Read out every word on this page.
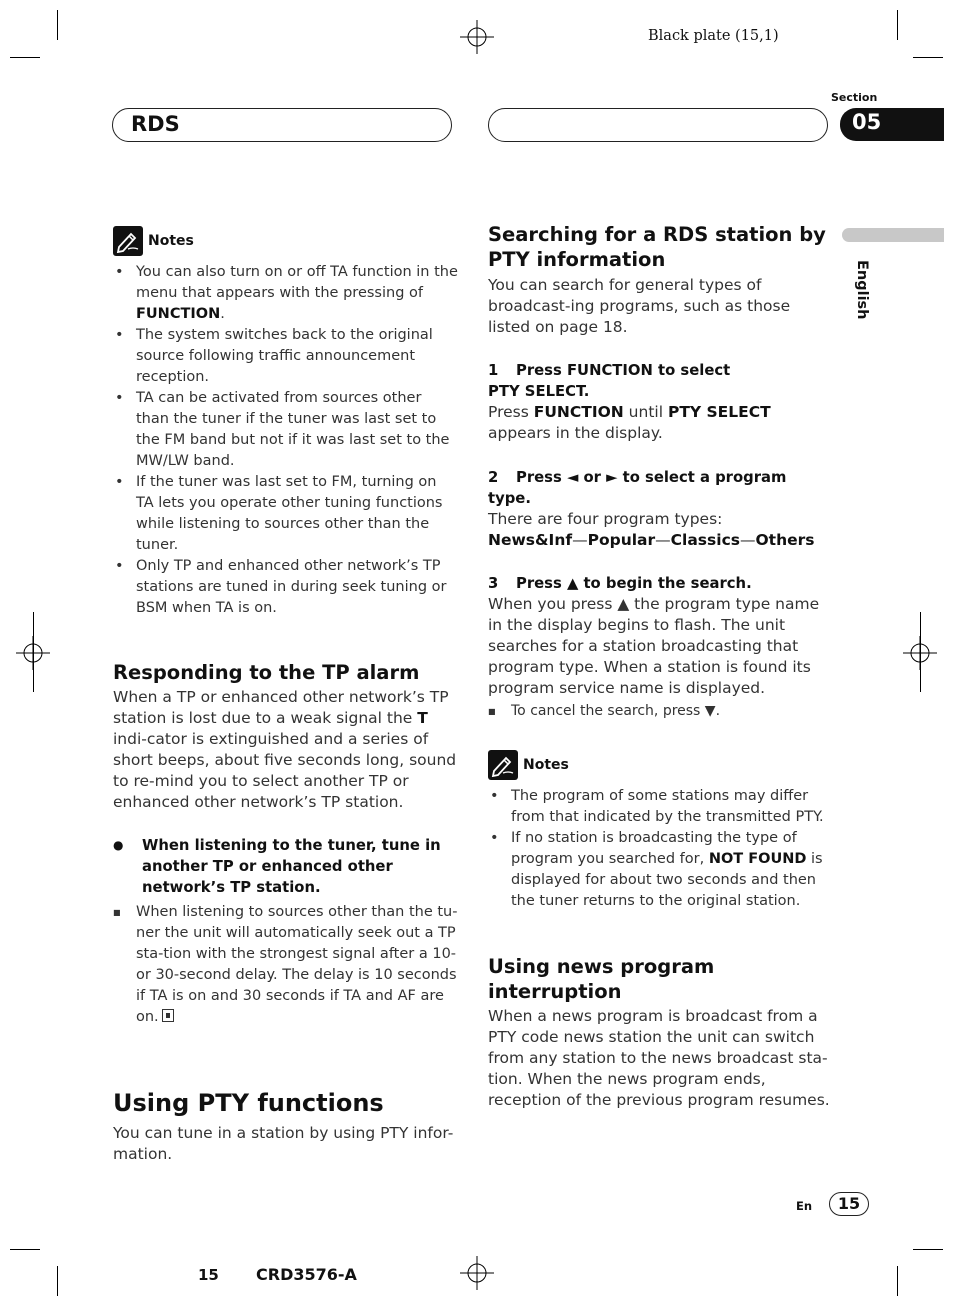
Black plate (15,1)
RDS
Section
05
English
Notes
• You can also turn on or off TA function in the menu that appears with the pressing of FUNCTION.
• The system switches back to the original source following traffic announcement reception.
• TA can be activated from sources other than the tuner if the tuner was last set to the FM band but not if it was last set to the MW/LW band.
• If the tuner was last set to FM, turning on TA lets you operate other tuning functions while listening to sources other than the tuner.
• Only TP and enhanced other network’s TP stations are tuned in during seek tuning or BSM when TA is on.
Responding to the TP alarm

When a TP or enhanced other network’s TP station is lost due to a weak signal the T indi-cator is extinguished and a series of short beeps, about five seconds long, sound to re-mind you to select another TP or enhanced other network’s TP station.

● When listening to the tuner, tune in another TP or enhanced other network’s TP station.

■ When listening to sources other than the tu-ner the unit will automatically seek out a TP sta-tion with the strongest signal after a 10- or 30-second delay. The delay is 10 seconds if TA is on and 30 seconds if TA and AF are on.

Using PTY functions

You can tune in a station by using PTY infor-mation.

Searching for a RDS station by PTY information

You can search for general types of broadcast-ing programs, such as those listed on page 18.

1 Press FUNCTION to select
PTY SELECT.

Press FUNCTION until PTY SELECT appears in the display.

2 Press ◄ or ► to select a program
type.

There are four program types:

News&Inf—Popular—Classics—Others

3 Press ▲ to begin the search.

When you press ▲ the program type name in the display begins to flash. The unit searches for a station broadcasting that program type. When a station is found its program service name is displayed.

■ To cancel the search, press ▼.

Notes
• The program of some stations may differ from that indicated by the transmitted PTY.
• If no station is broadcasting the type of program you searched for, NOT FOUND is displayed for about two seconds and then the tuner returns to the original station.
Using news program interruption

When a news program is broadcast from a PTY code news station the unit can switch from any station to the news broadcast sta-tion. When the news program ends, reception of the previous program resumes.

En	15
15 CRD3576-A
